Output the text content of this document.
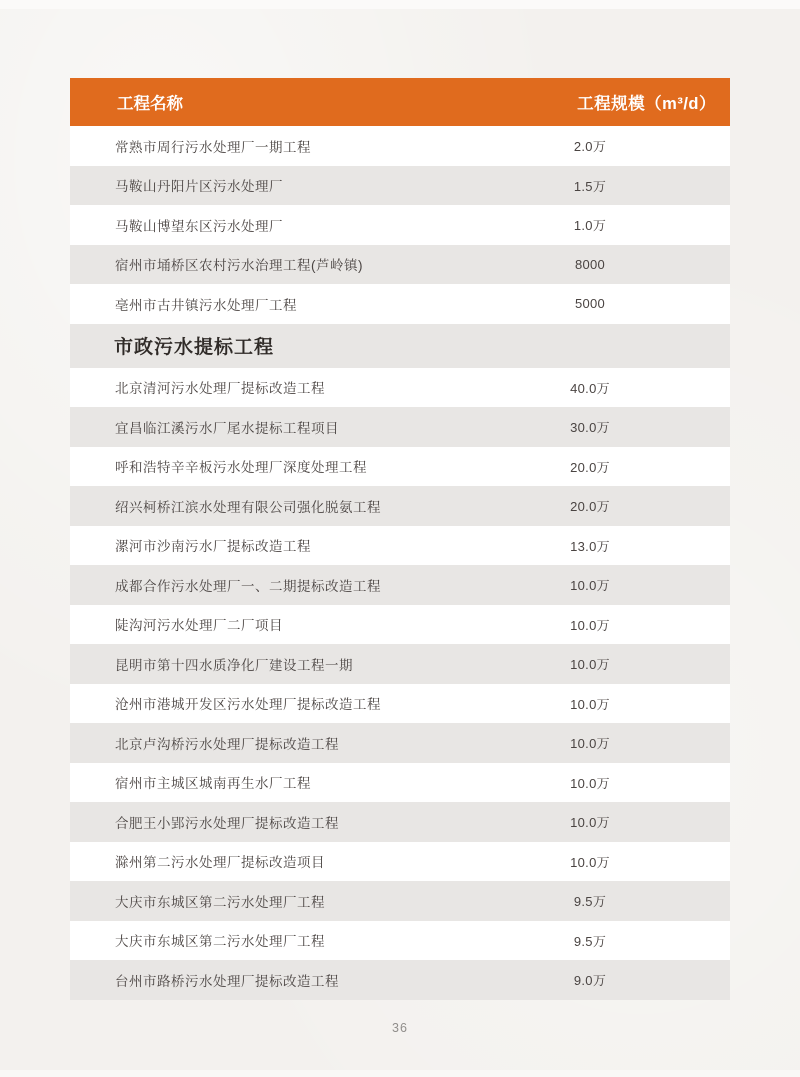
工程名称	工程规模（m³/d）
常熟市周行污水处理厂一期工程	2.0万
马鞍山丹阳片区污水处理厂	1.5万
马鞍山博望东区污水处理厂	1.0万
宿州市埇桥区农村污水治理工程(芦岭镇)	8000
亳州市古井镇污水处理厂工程	5000
市政污水提标工程
北京清河污水处理厂提标改造工程	40.0万
宜昌临江溪污水厂尾水提标工程项目	30.0万
呼和浩特辛辛板污水处理厂深度处理工程	20.0万
绍兴柯桥江滨水处理有限公司强化脱氨工程	20.0万
漯河市沙南污水厂提标改造工程	13.0万
成都合作污水处理厂一、二期提标改造工程	10.0万
陡沟河污水处理厂二厂项目	10.0万
昆明市第十四水质净化厂建设工程一期	10.0万
沧州市港城开发区污水处理厂提标改造工程	10.0万
北京卢沟桥污水处理厂提标改造工程	10.0万
宿州市主城区城南再生水厂工程	10.0万
合肥王小郢污水处理厂提标改造工程	10.0万
滁州第二污水处理厂提标改造项目	10.0万
大庆市东城区第二污水处理厂工程	9.5万
大庆市东城区第二污水处理厂工程	9.5万
台州市路桥污水处理厂提标改造工程	9.0万
36
